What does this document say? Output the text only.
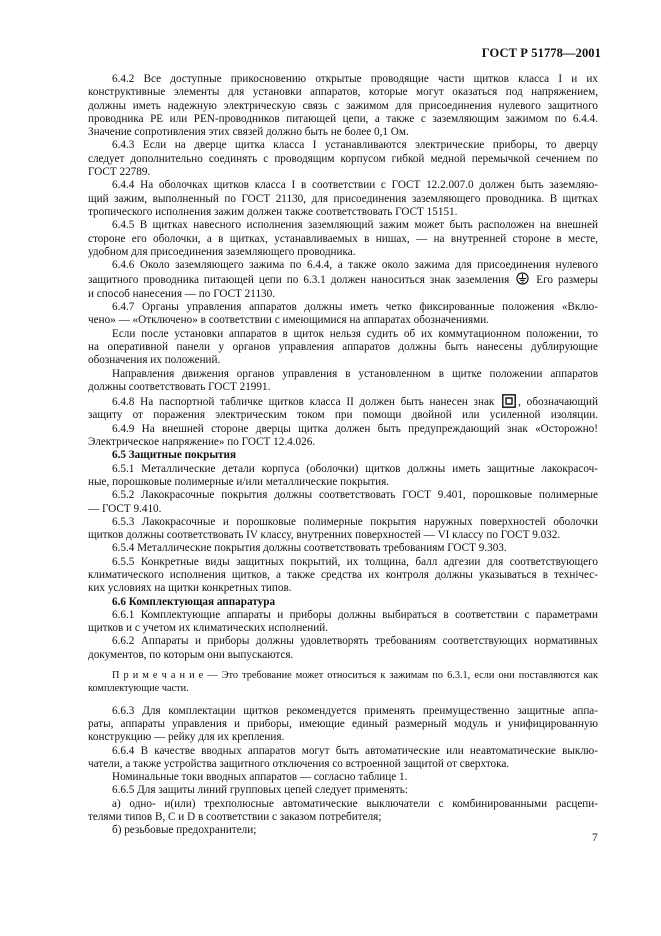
ГОСТ Р 51778—2001
6.4.2 Все доступные прикосновению открытые проводящие части щитков класса I и их
конструктивные элементы для установки аппаратов, которые могут оказаться под напряжением,
должны иметь надежную электрическую связь с зажимом для присоединения нулевого защитного
проводника PE или PEN-проводников питающей цепи, а также с заземляющим зажимом по 6.4.4.
Значение сопротивления этих связей должно быть не более 0,1 Ом.
6.4.3 Если на дверце щитка класса I устанавливаются электрические приборы, то дверцу
следует дополнительно соединять с проводящим корпусом гибкой медной перемычкой сечением по
ГОСТ 22789.
6.4.4 На оболочках щитков класса I в соответствии с ГОСТ 12.2.007.0 должен быть заземляю-
щий зажим, выполненный по ГОСТ 21130, для присоединения заземляющего проводника. В щитках
тропического исполнения зажим должен также соответствовать ГОСТ 15151.
6.4.5 В щитках навесного исполнения заземляющий зажим может быть расположен на внешней
стороне его оболочки, а в щитках, устанавливаемых в нишах, — на внутренней стороне в месте,
удобном для присоединения заземляющего проводника.
6.4.6 Около заземляющего зажима по 6.4.4, а также около зажима для присоединения нулевого
защитного проводника питающей цепи по 6.3.1 должен наноситься знак заземления Его размеры
и способ нанесения — по ГОСТ 21130.
6.4.7 Органы управления аппаратов должны иметь четко фиксированные положения «Вклю-
чено» — «Отключено» в соответствии с имеющимися на аппаратах обозначениями.
Если после установки аппаратов в щиток нельзя судить об их коммутационном положении, то
на оперативной панели у органов управления аппаратов должны быть нанесены дублирующие
обозначения их положений.
Направления движения органов управления в установленном в щитке положении аппаратов
должны соответствовать ГОСТ 21991.
6.4.8 На паспортной табличке щитков класса II должен быть нанесен знак , обозначающий
защиту от поражения электрическим током при помощи двойной или усиленной изоляции.
6.4.9 На внешней стороне дверцы щитка должен быть предупреждающий знак «Осторожно!
Электрическое напряжение» по ГОСТ 12.4.026.
6.5 Защитные покрытия
6.5.1 Металлические детали корпуса (оболочки) щитков должны иметь защитные лакокрасоч-
ные, порошковые полимерные и/или металлические покрытия.
6.5.2 Лакокрасочные покрытия должны соответствовать ГОСТ 9.401, порошковые полимерные
— ГОСТ 9.410.
6.5.3 Лакокрасочные и порошковые полимерные покрытия наружных поверхностей оболочки
щитков должны соответствовать IV классу, внутренних поверхностей — VI классу по ГОСТ 9.032.
6.5.4 Металлические покрытия должны соответствовать требованиям ГОСТ 9.303.
6.5.5 Конкретные виды защитных покрытий, их толщина, балл адгезии для соответствующего
климатического исполнения щитков, а также средства их контроля должны указываться в технічес-
ких условиях на щитки конкретных типов.
6.6 Комплектующая аппаратура
6.6.1 Комплектующие аппараты и приборы должны выбираться в соответствии с параметрами
щитков и с учетом их климатических исполнений.
6.6.2 Аппараты и приборы должны удовлетворять требованиям соответствующих нормативных
документов, по которым они выпускаются.
П р и м е ч а н и е — Это требование может относиться к зажимам по 6.3.1, если они поставляются как
комплектующие части.
6.6.3 Для комплектации щитков рекомендуется применять преимущественно защитные аппа-
раты, аппараты управления и приборы, имеющие единый размерный модуль и унифицированную
конструкцию — рейку для их крепления.
6.6.4 В качестве вводных аппаратов могут быть автоматические или неавтоматические выклю-
чатели, а также устройства защитного отключения со встроенной защитой от сверхтока.
Номинальные токи вводных аппаратов — согласно таблице 1.
6.6.5 Для защиты линий групповых цепей следует применять:
а) одно- и(или) трехполюсные автоматические выключатели с комбинированными расцепи-
телями типов B, C и D в соответствии с заказом потребителя;
б) резьбовые предохранители;
7
